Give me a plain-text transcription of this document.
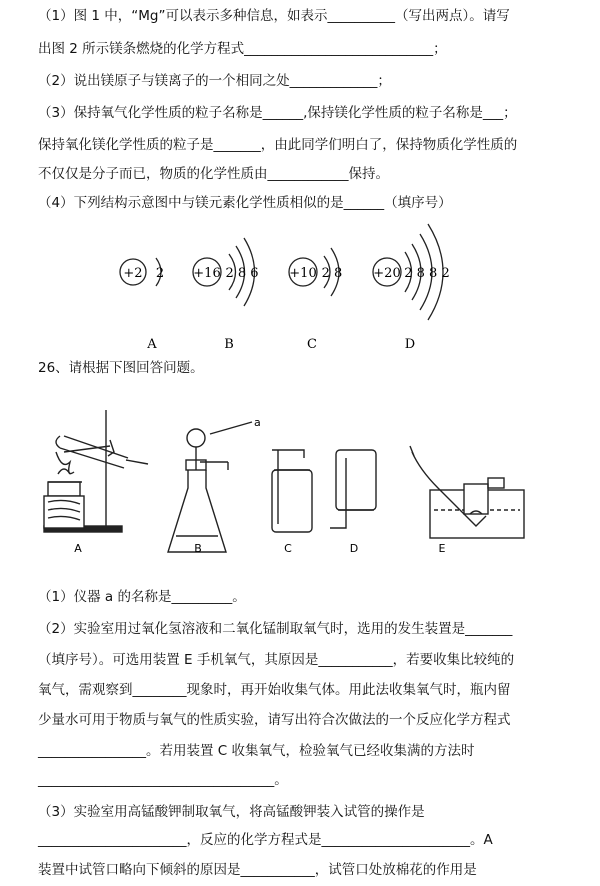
（1）图 1 中，“Mg”可以表示多种信息，如表示__________（写出两点）。请写
出图 2 所示镁条燃烧的化学方程式____________________________；
（2）说出镁原子与镁离子的一个相同之处_____________；
（3）保持氧气化学性质的粒子名称是______,保持镁化学性质的粒子名称是___；
保持氧化镁化学性质的粒子是_______，由此同学们明白了，保持物质化学性质的
不仅仅是分子而已，物质的化学性质由____________保持。
（4）下列结构示意图中与镁元素化学性质相似的是______（填序号）
+2	+16	+10	+20
2	2 8 6	2 8	2 8 8 2
A	B	C	D
26、请根据下图回答问题。
a
A	B	C	D	E
（1）仪器 a 的名称是_________。
（2）实验室用过氧化氢溶液和二氧化锰制取氧气时，选用的发生装置是_______
（填序号）。可选用装置 E 手机氧气，其原因是___________，若要收集比较纯的
氧气，需观察到________现象时，再开始收集气体。用此法收集氧气时，瓶内留
少量水可用于物质与氧气的性质实验，请写出符合次做法的一个反应化学方程式
________________。若用装置 C 收集氧气，检验氧气已经收集满的方法时
___________________________________。
（3）实验室用高锰酸钾制取氧气，将高锰酸钾装入试管的操作是
______________________，反应的化学方程式是______________________。A
装置中试管口略向下倾斜的原因是___________，试管口处放棉花的作用是
